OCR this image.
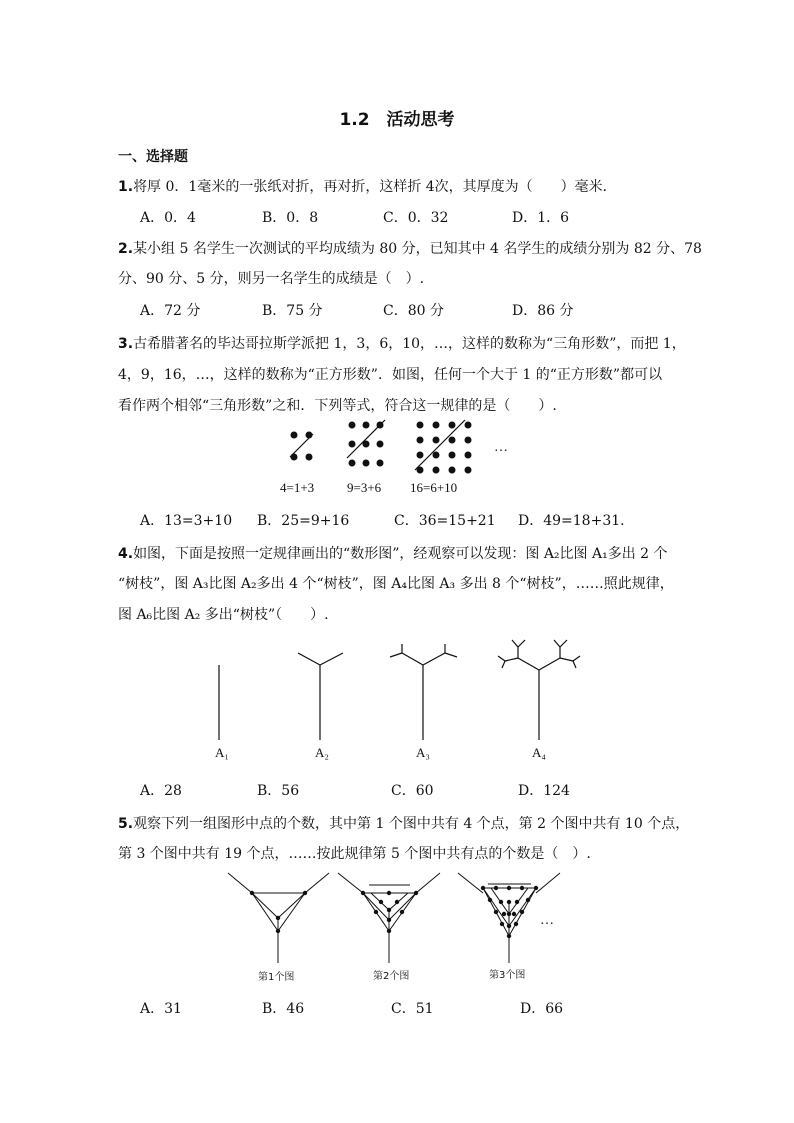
1.2　活动思考
一、选择题
1.将厚 0．1毫米的一张纸对折，再对折，这样折 4次，其厚度为（　　）毫米．
A．0．4	B．0．8	C．0．32	D．1．6
2.某小组 5 名学生一次测试的平均成绩为 80 分，已知其中 4 名学生的成绩分别为 82 分、78
分、90 分、5 分，则另一名学生的成绩是（　）.
A．72 分	B．75 分	C．80 分	D．86 分
3.古希腊著名的毕达哥拉斯学派把 1，3，6，10，…，这样的数称为“三角形数”，而把 1，
4，9，16，…，这样的数称为“正方形数”．如图，任何一个大于 1 的“正方形数”都可以
看作两个相邻“三角形数”之和．下列等式，符合这一规律的是（　　）.
4=1+3	9=3+6 16=6+10
…
A．13=3+10 B．25=9+16	C．36=15+21 D．49=18+31．
4.如图，下面是按照一定规律画出的“数形图”，经观察可以发现：图 A₂比图 A₁多出 2 个
“树枝”，图 A₃比图 A₂多出 4 个“树枝”，图 A₄比图 A₃ 多出 8 个“树枝”，……照此规律，
图 A₆比图 A₂ 多出“树枝”（　　）.
A₁	A₂	A₃	A₄
A．28	B．56	C．60	D．124
5.观察下列一组图形中点的个数，其中第 1 个图中共有 4 个点，第 2 个图中共有 10 个点，
第 3 个图中共有 19 个点，……按此规律第 5 个图中共有点的个数是（　）.
第1个图	第2个图	第3个图
…
A．31	B．46	C．51	D．66
